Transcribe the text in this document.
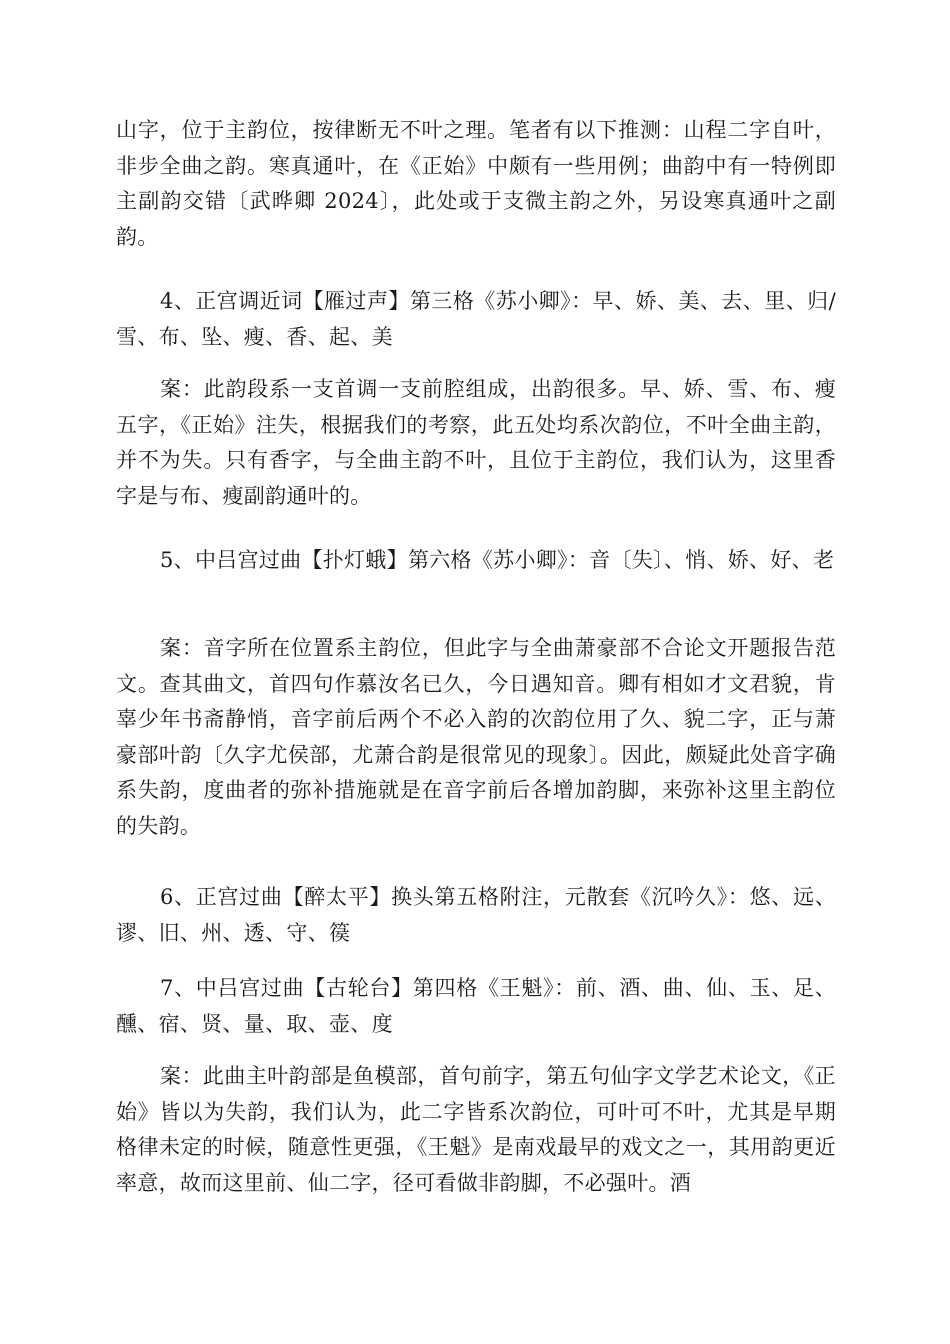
山字，位于主韵位，按律断无不叶之理。笔者有以下推测：山程二字自叶，非步全曲之韵。寒真通叶，在《正始》中颇有一些用例；曲韵中有一特例即主副韵交错〔武晔卿 2024〕，此处或于支微主韵之外，另设寒真通叶之副韵。

4、正宫调近词【雁过声】第三格《苏小卿》：早、娇、美、去、里、归/雪、布、坠、瘦、香、起、美

案：此韵段系一支首调一支前腔组成，出韵很多。早、娇、雪、布、瘦五字，《正始》注失，根据我们的考察，此五处均系次韵位，不叶全曲主韵，并不为失。只有香字，与全曲主韵不叶，且位于主韵位，我们认为，这里香字是与布、瘦副韵通叶的。

5、中吕宫过曲【扑灯蛾】第六格《苏小卿》：音〔失〕、悄、娇、好、老

案：音字所在位置系主韵位，但此字与全曲萧豪部不合论文开题报告范文。查其曲文，首四句作慕汝名已久，今日遇知音。卿有相如才文君貌，肯辜少年书斋静悄，音字前后两个不必入韵的次韵位用了久、貌二字，正与萧豪部叶韵〔久字尤侯部，尤萧合韵是很常见的现象〕。因此，颇疑此处音字确系失韵，度曲者的弥补措施就是在音字前后各增加韵脚，来弥补这里主韵位的失韵。

6、正宫过曲【醉太平】换头第五格附注，元散套《沉吟久》：悠、远、谬、旧、州、透、守、篌

7、中吕宫过曲【古轮台】第四格《王魁》：前、酒、曲、仙、玉、足、醺、宿、贤、量、取、壶、度

案：此曲主叶韵部是鱼模部，首句前字，第五句仙字文学艺术论文，《正始》皆以为失韵，我们认为，此二字皆系次韵位，可叶可不叶，尤其是早期格律未定的时候，随意性更强，《王魁》是南戏最早的戏文之一，其用韵更近率意，故而这里前、仙二字，径可看做非韵脚，不必强叶。酒
